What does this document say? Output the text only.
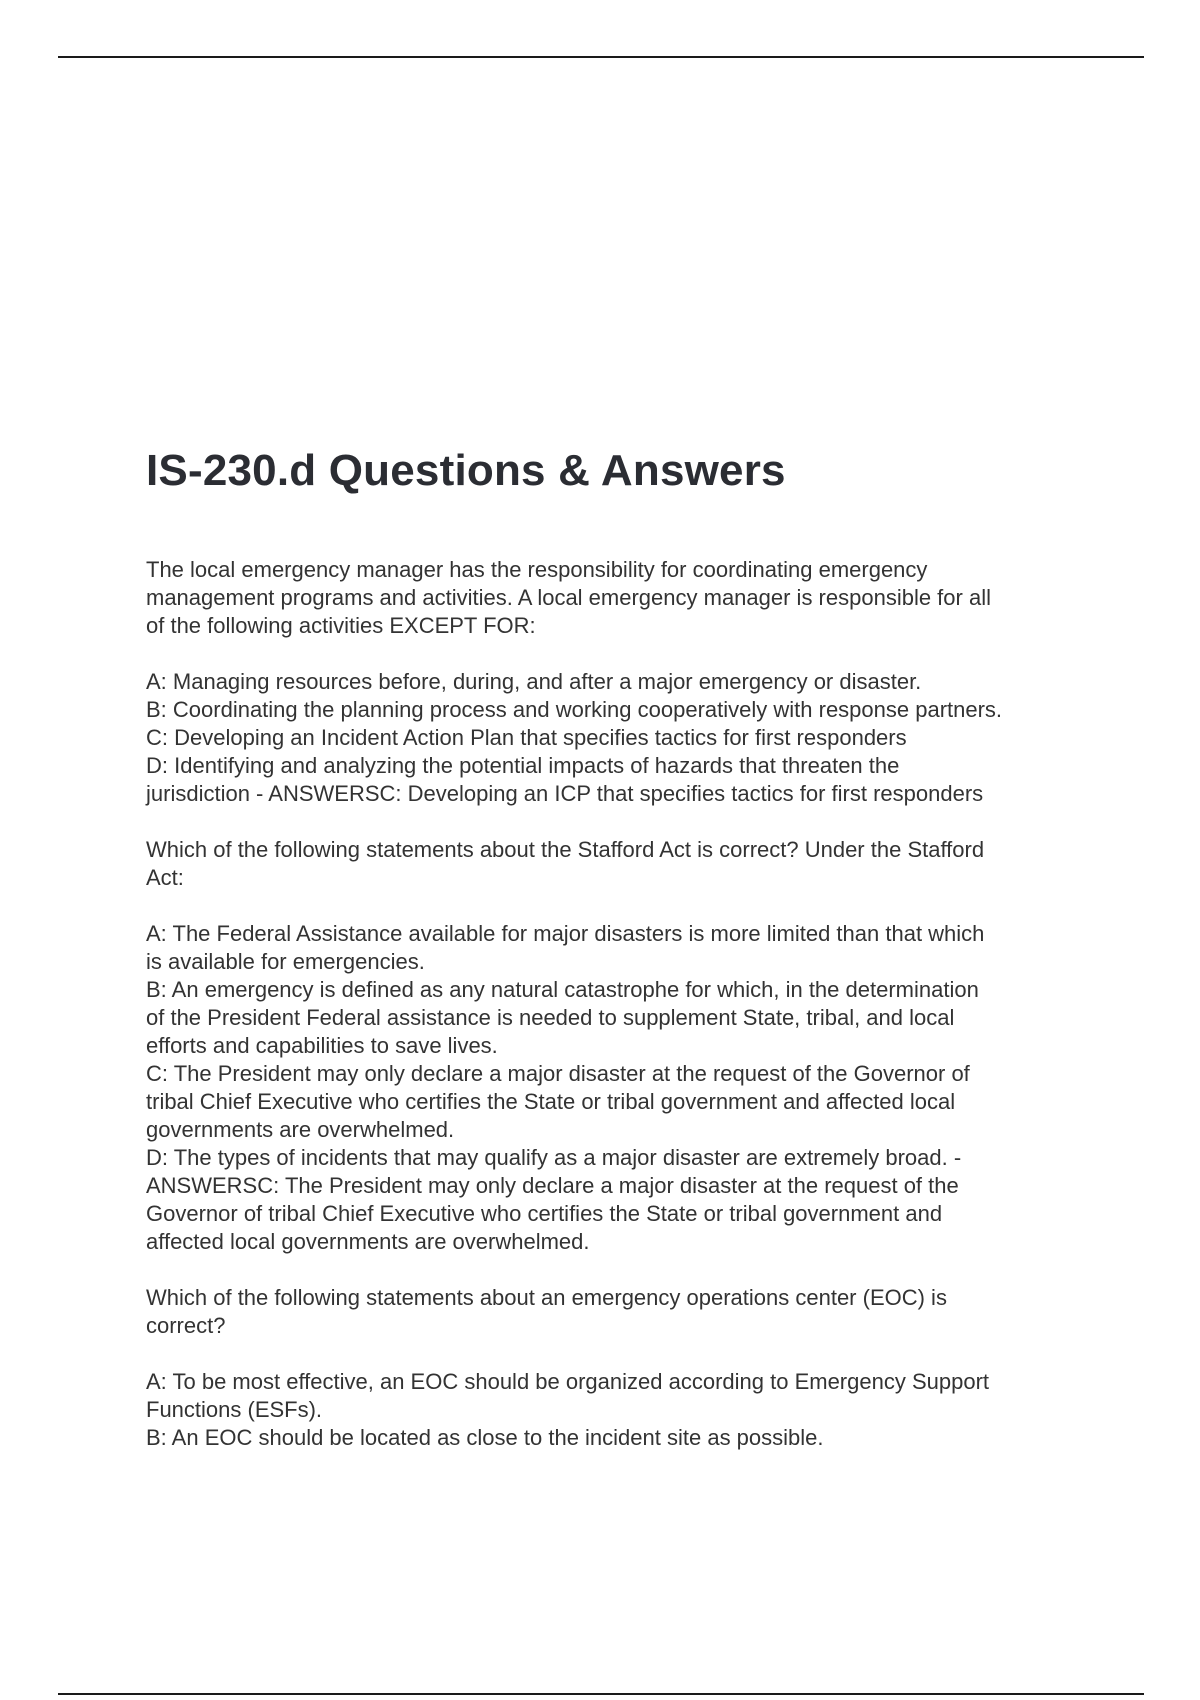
IS-230.d Questions & Answers
The local emergency manager has the responsibility for coordinating emergency
management programs and activities. A local emergency manager is responsible for all
of the following activities EXCEPT FOR:
A: Managing resources before, during, and after a major emergency or disaster.
B: Coordinating the planning process and working cooperatively with response partners.
C: Developing an Incident Action Plan that specifies tactics for first responders
D: Identifying and analyzing the potential impacts of hazards that threaten the
jurisdiction - ANSWERSC: Developing an ICP that specifies tactics for first responders
Which of the following statements about the Stafford Act is correct? Under the Stafford
Act:
A: The Federal Assistance available for major disasters is more limited than that which
is available for emergencies.
B: An emergency is defined as any natural catastrophe for which, in the determination
of the President Federal assistance is needed to supplement State, tribal, and local
efforts and capabilities to save lives.
C: The President may only declare a major disaster at the request of the Governor of
tribal Chief Executive who certifies the State or tribal government and affected local
governments are overwhelmed.
D: The types of incidents that may qualify as a major disaster are extremely broad. -
ANSWERSC: The President may only declare a major disaster at the request of the
Governor of tribal Chief Executive who certifies the State or tribal government and
affected local governments are overwhelmed.
Which of the following statements about an emergency operations center (EOC) is
correct?
A: To be most effective, an EOC should be organized according to Emergency Support
Functions (ESFs).
B: An EOC should be located as close to the incident site as possible.
